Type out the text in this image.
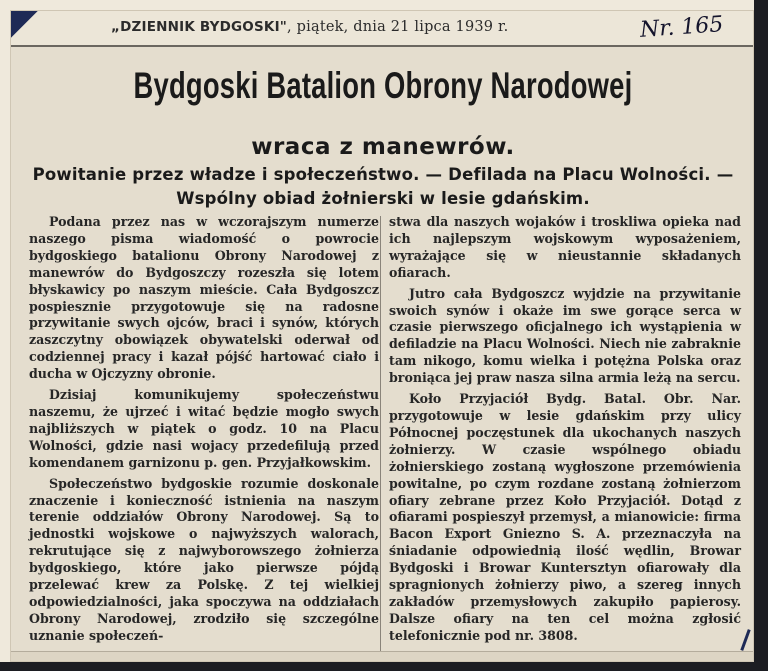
„DZIENNIK BYDGOSKI", piątek, dnia 21 lipca 1939 r.	Nr. 165
Bydgoski Batalion Obrony Narodowej
wraca z manewrów.
Powitanie przez władze i społeczeństwo. — Defilada na Placu Wolności. — Wspólny obiad żołnierski w lesie gdańskim.

Podana przez nas w wczorajszym numerze naszego pisma wiadomość o powrocie bydgoskiego batalionu Obrony Narodowej z manewrów do Bydgoszczy rozeszła się lotem błyskawicy po naszym mieście. Cała Bydgoszcz pospiesznie przygotowuje się na radosne przywitanie swych ojców, braci i synów, których zaszczytny obowiązek obywatelski oderwał od codziennej pracy i kazał pójść hartować ciało i ducha w Ojczyzny obronie.

Dzisiaj komunikujemy społeczeństwu naszemu, że ujrzeć i witać będzie mogło swych najbliższych w piątek o godz. 10 na Placu Wolności, gdzie nasi wojacy przedefilują przed komendanem garnizonu p. gen. Przyjałkowskim.

Społeczeństwo bydgoskie rozumie doskonale znaczenie i konieczność istnienia na naszym terenie oddziałów Obrony Narodowej. Są to jednostki wojskowe o najwyższych walorach, rekrutujące się z najwyborowszego żołnierza bydgoskiego, które jako pierwsze pójdą przelewać krew za Polskę. Z tej wielkiej odpowiedzialności, jaka spoczywa na oddziałach Obrony Narodowej, zrodziło się szczególne uznanie społeczeń-

stwa dla naszych wojaków i troskliwa opieka nad ich najlepszym wojskowym wyposażeniem, wyrażające się w nieustannie składanych ofiarach.

Jutro cała Bydgoszcz wyjdzie na przywitanie swoich synów i okaże im swe gorące serca w czasie pierwszego oficjalnego ich wystąpienia w defiladzie na Placu Wolności. Niech nie zabraknie tam nikogo, komu wielka i potężna Polska oraz broniąca jej praw nasza silna armia leżą na sercu.

Koło Przyjaciół Bydg. Batal. Obr. Nar. przygotowuje w lesie gdańskim przy ulicy Północnej poczęstunek dla ukochanych naszych żołnierzy. W czasie wspólnego obiadu żołnierskiego zostaną wygłoszone przemówienia powitalne, po czym rozdane zostaną żołnierzom ofiary zebrane przez Koło Przyjaciół. Dotąd z ofiarami pospieszył przemysł, a mianowicie: firma Bacon Export Gniezno S. A. przeznaczyła na śniadanie odpowiednią ilość wędlin, Browar Bydgoski i Browar Kuntersztyn ofiarowały dla spragnionych żołnierzy piwo, a szereg innych zakładów przemysłowych zakupiło papierosy. Dalsze ofiary na ten cel można zgłosić telefonicznie pod nr. 3808.
